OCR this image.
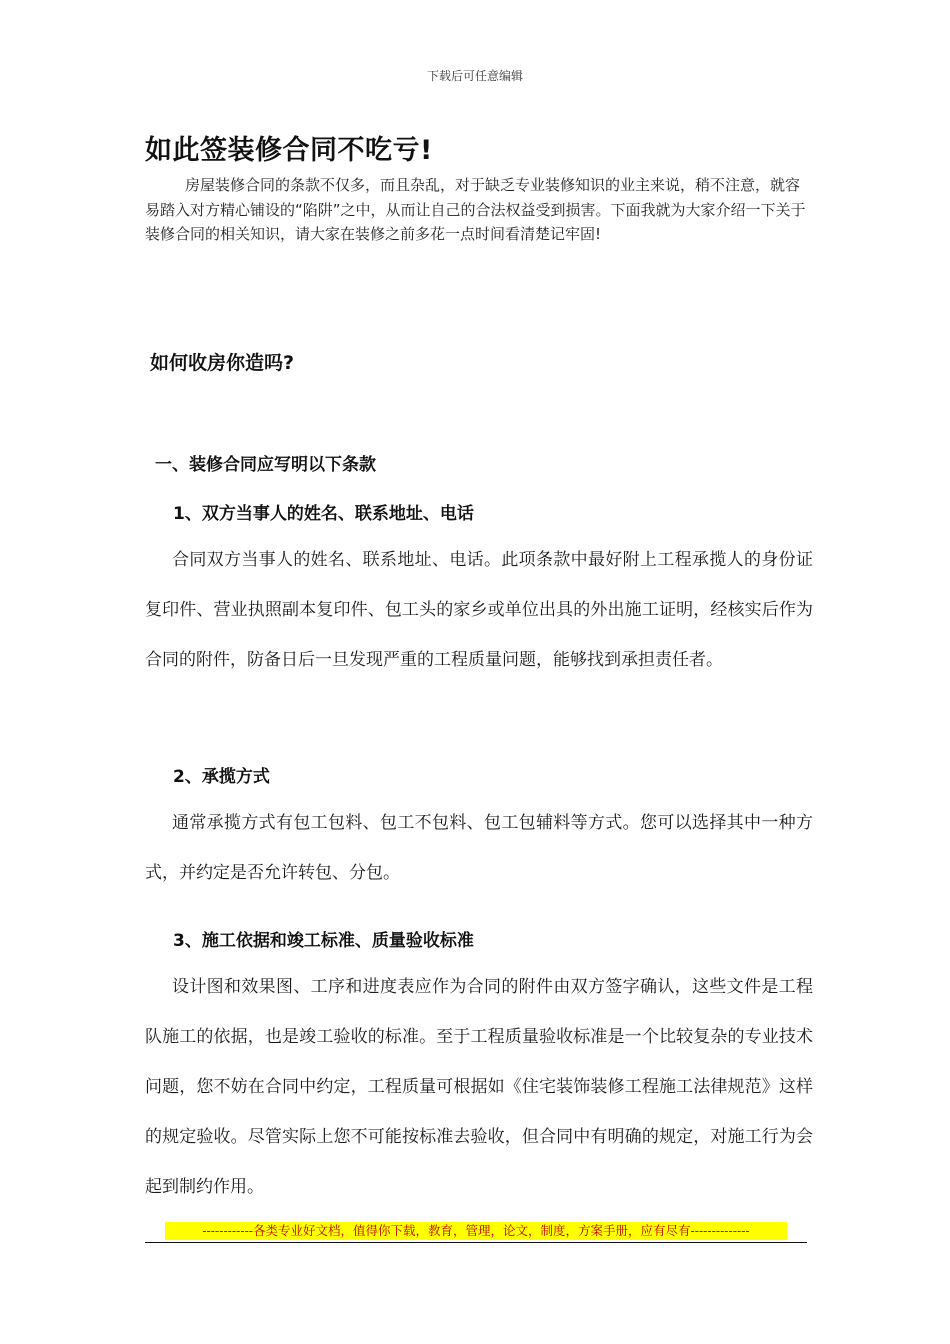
下载后可任意编辑
如此签装修合同不吃亏!

房屋装修合同的条款不仅多，而且杂乱，对于缺乏专业装修知识的业主来说，稍不注意，就容易踏入对方精心铺设的“陷阱”之中，从而让自己的合法权益受到损害。下面我就为大家介绍一下关于装修合同的相关知识，请大家在装修之前多花一点时间看清楚记牢固!

如何收房你造吗?
一、装修合同应写明以下条款
1、双方当事人的姓名、联系地址、电话

合同双方当事人的姓名、联系地址、电话。此项条款中最好附上工程承揽人的身份证复印件、营业执照副本复印件、包工头的家乡或单位出具的外出施工证明，经核实后作为合同的附件，防备日后一旦发现严重的工程质量问题，能够找到承担责任者。

2、承揽方式

通常承揽方式有包工包料、包工不包料、包工包辅料等方式。您可以选择其中一种方式，并约定是否允许转包、分包。

3、施工依据和竣工标准、质量验收标准

设计图和效果图、工序和进度表应作为合同的附件由双方签字确认，这些文件是工程队施工的依据，也是竣工验收的标准。至于工程质量验收标准是一个比较复杂的专业技术问题，您不妨在合同中约定，工程质量可根据如《住宅装饰装修工程施工法律规范》这样的规定验收。尽管实际上您不可能按标准去验收，但合同中有明确的规定，对施工行为会起到制约作用。

------------各类专业好文档，值得你下载，教育，管理，论文，制度，方案手册，应有尽有--------------
